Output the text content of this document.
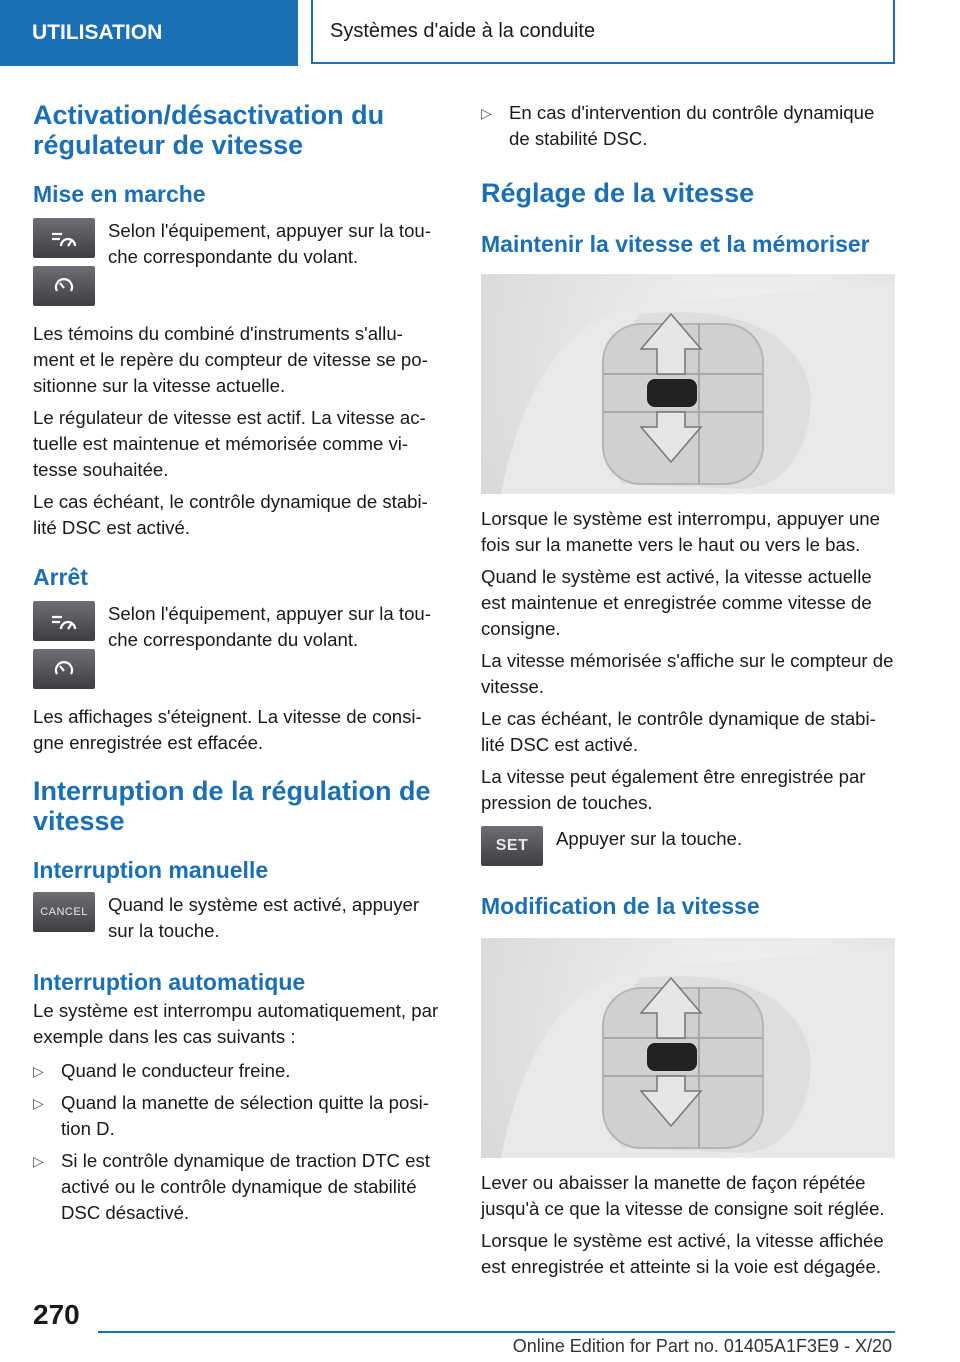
UTILISATION	Systèmes d'aide à la conduite
Activation/désactivation du régulateur de vitesse
Mise en marche
Selon l'équipement, appuyer sur la tou-che correspondante du volant.

Les témoins du combiné d'instruments s'allu-ment et le repère du compteur de vitesse se po-sitionne sur la vitesse actuelle.

Le régulateur de vitesse est actif. La vitesse ac-tuelle est maintenue et mémorisée comme vi-tesse souhaitée.

Le cas échéant, le contrôle dynamique de stabi-lité DSC est activé.

Arrêt
Selon l'équipement, appuyer sur la tou-che correspondante du volant.

Les affichages s'éteignent. La vitesse de consi-gne enregistrée est effacée.

Interruption de la régulation de vitesse
Interruption manuelle
CANCEL	Quand le système est activé, appuyer sur la touche.
Interruption automatique

Le système est interrompu automatiquement, par exemple dans les cas suivants :

▷ Quand le conducteur freine.
▷ Quand la manette de sélection quitte la posi-tion D.
▷ Si le contrôle dynamique de traction DTC est activé ou le contrôle dynamique de stabilité DSC désactivé.
▷ En cas d'intervention du contrôle dynamique de stabilité DSC.
Réglage de la vitesse
Maintenir la vitesse et la mémoriser

Lorsque le système est interrompu, appuyer une fois sur la manette vers le haut ou vers le bas.

Quand le système est activé, la vitesse actuelle est maintenue et enregistrée comme vitesse de consigne.

La vitesse mémorisée s'affiche sur le compteur de vitesse.

Le cas échéant, le contrôle dynamique de stabi-lité DSC est activé.

La vitesse peut également être enregistrée par pression de touches.

SET	Appuyer sur la touche.
Modification de la vitesse

Lever ou abaisser la manette de façon répétée jusqu'à ce que la vitesse de consigne soit réglée.

Lorsque le système est activé, la vitesse affichée est enregistrée et atteinte si la voie est dégagée.

270
Online Edition for Part no. 01405A1F3E9 - X/20
